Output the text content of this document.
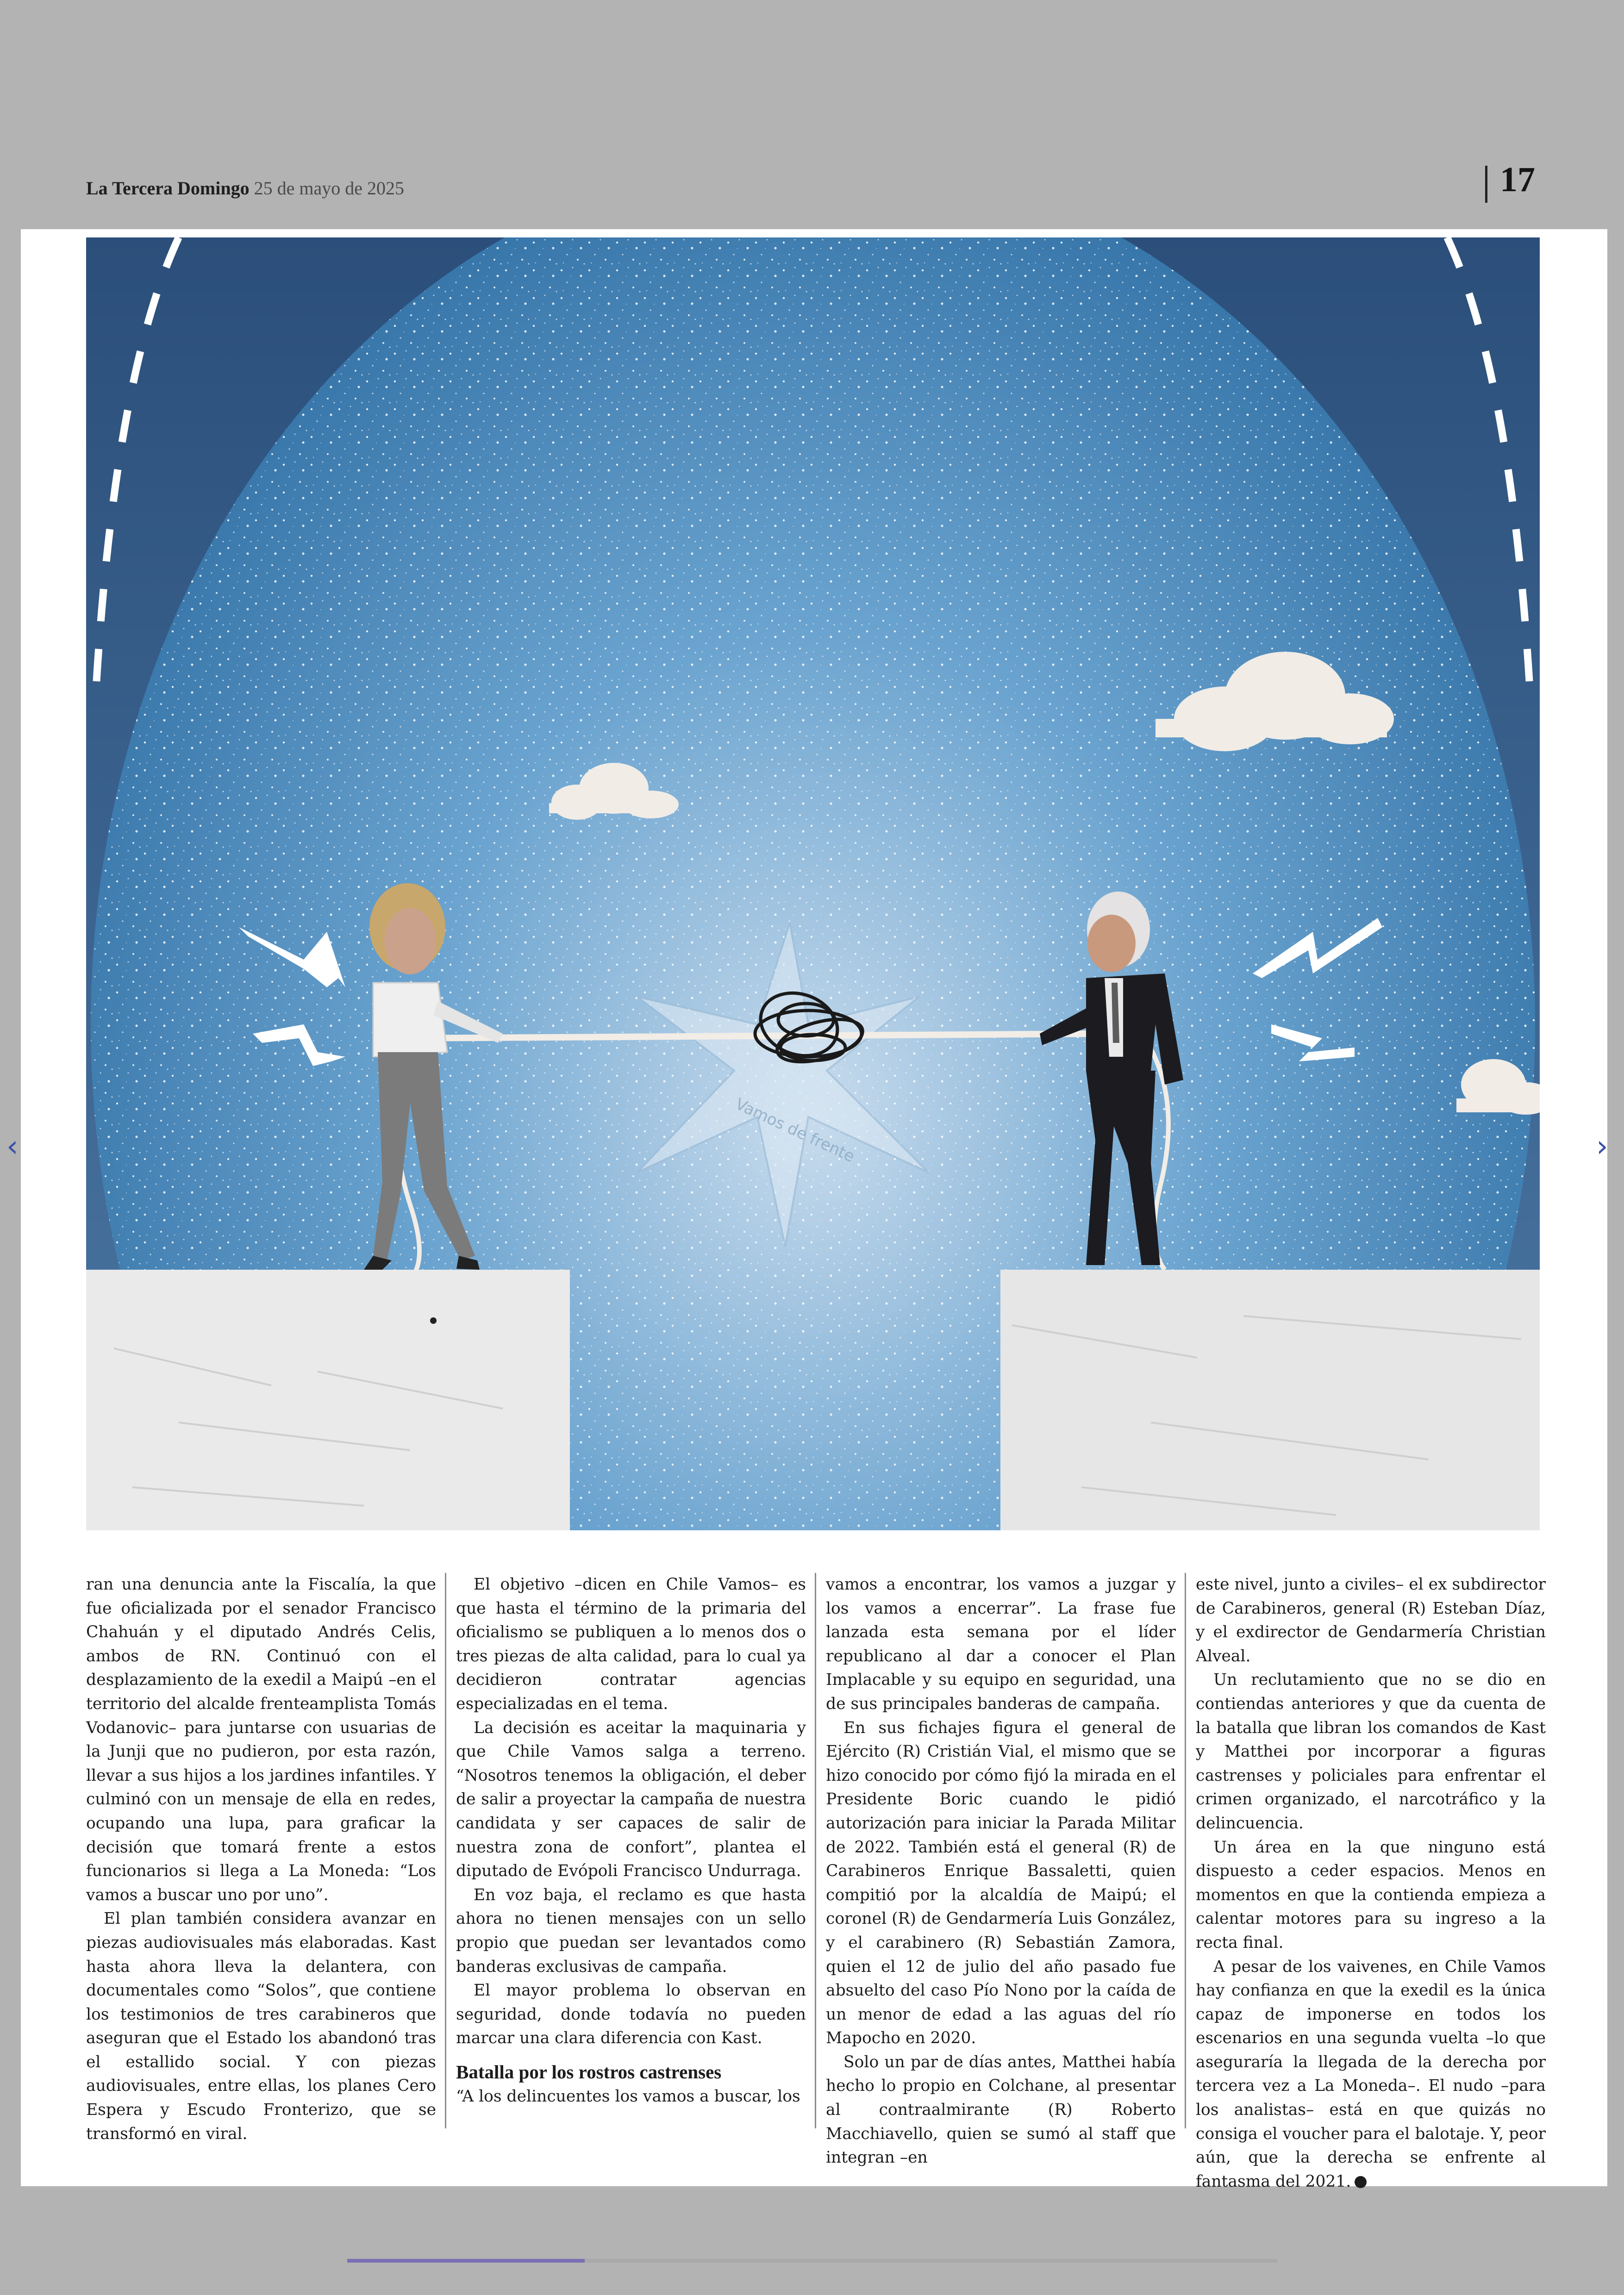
La Tercera Domingo 25 de mayo de 2025	17
Vamos de frente

ran una denuncia ante la Fiscalía, la que fue oficializada por el senador Francisco Chahuán y el diputado Andrés Celis, ambos de RN. Continuó con el desplazamiento de la exedil a Maipú –en el territorio del alcalde frenteamplista Tomás Vodanovic– para juntarse con usuarias de la Junji que no pudieron, por esta razón, llevar a sus hijos a los jardines infantiles. Y culminó con un mensaje de ella en redes, ocupando una lupa, para graficar la decisión que tomará frente a estos funcionarios si llega a La Moneda: “Los vamos a buscar uno por uno”.

El plan también considera avanzar en piezas audiovisuales más elaboradas. Kast hasta ahora lleva la delantera, con documentales como “Solos”, que contiene los testimonios de tres carabineros que aseguran que el Estado los abandonó tras el estallido social. Y con piezas audiovisuales, entre ellas, los planes Cero Espera y Escudo Fronterizo, que se transformó en viral.

El objetivo –dicen en Chile Vamos– es que hasta el término de la primaria del oficialismo se publiquen a lo menos dos o tres piezas de alta calidad, para lo cual ya decidieron contratar agencias especializadas en el tema.

La decisión es aceitar la maquinaria y que Chile Vamos salga a terreno. “Nosotros tenemos la obligación, el deber de salir a proyectar la campaña de nuestra candidata y ser capaces de salir de nuestra zona de confort”, plantea el diputado de Evópoli Francisco Undurraga.

En voz baja, el reclamo es que hasta ahora no tienen mensajes con un sello propio que puedan ser levantados como banderas exclusivas de campaña.

El mayor problema lo observan en seguridad, donde todavía no pueden marcar una clara diferencia con Kast.

Batalla por los rostros castrenses

“A los delincuentes los vamos a buscar, los

vamos a encontrar, los vamos a juzgar y los vamos a encerrar”. La frase fue lanzada esta semana por el líder republicano al dar a conocer el Plan Implacable y su equipo en seguridad, una de sus principales banderas de campaña.

En sus fichajes figura el general de Ejército (R) Cristián Vial, el mismo que se hizo conocido por cómo fijó la mirada en el Presidente Boric cuando le pidió autorización para iniciar la Parada Militar de 2022. También está el general (R) de Carabineros Enrique Bassaletti, quien compitió por la alcaldía de Maipú; el coronel (R) de Gendarmería Luis González, y el carabinero (R) Sebastián Zamora, quien el 12 de julio del año pasado fue absuelto del caso Pío Nono por la caída de un menor de edad a las aguas del río Mapocho en 2020.

Solo un par de días antes, Matthei había hecho lo propio en Colchane, al presentar al contraalmirante (R) Roberto Macchiavello, quien se sumó al staff que integran –en

este nivel, junto a civiles– el ex subdirector de Carabineros, general (R) Esteban Díaz, y el exdirector de Gendarmería Christian Alveal.

Un reclutamiento que no se dio en contiendas anteriores y que da cuenta de la batalla que libran los comandos de Kast y Matthei por incorporar a figuras castrenses y policiales para enfrentar el crimen organizado, el narcotráfico y la delincuencia.

Un área en la que ninguno está dispuesto a ceder espacios. Menos en momentos en que la contienda empieza a calentar motores para su ingreso a la recta final.

A pesar de los vaivenes, en Chile Vamos hay confianza en que la exedil es la única capaz de imponerse en todos los escenarios en una segunda vuelta –lo que aseguraría la llegada de la derecha por tercera vez a La Moneda–. El nudo –para los analistas– está en que quizás no consiga el voucher para el balotaje. Y, peor aún, que la derecha se enfrente al fantasma del 2021.

‹	›
